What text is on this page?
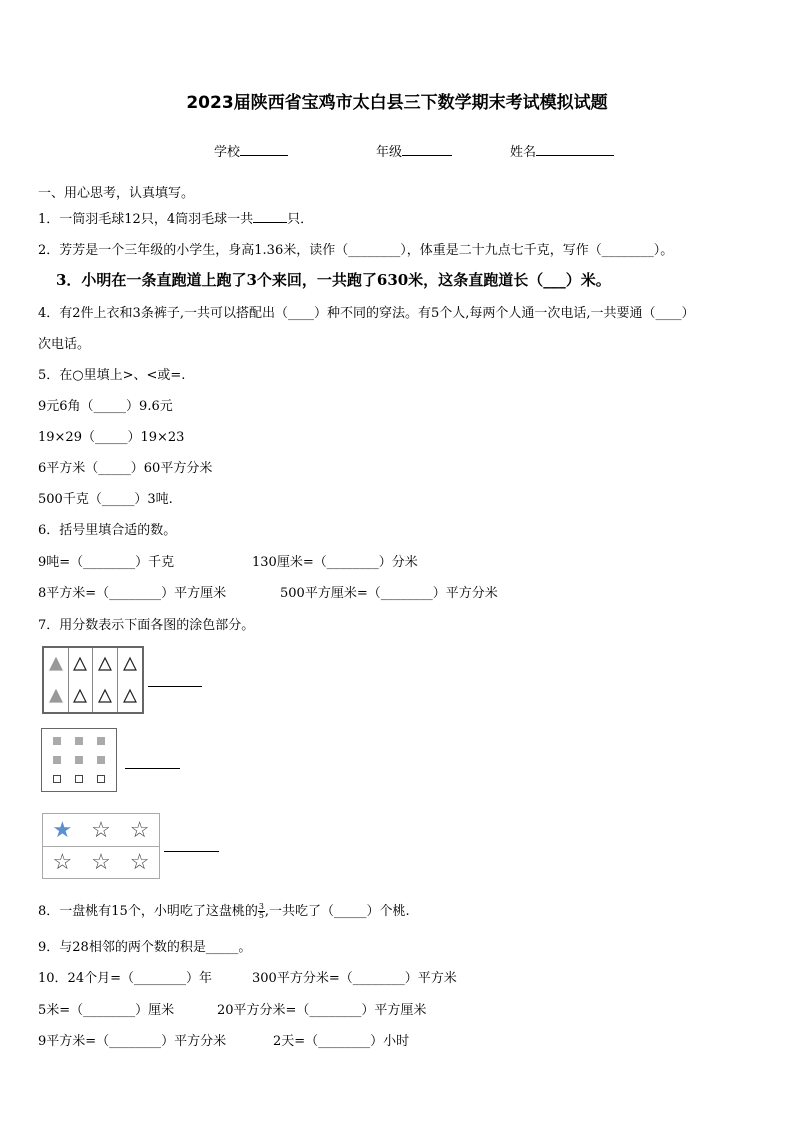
2023届陕西省宝鸡市太白县三下数学期末考试模拟试题
学校	年级	姓名
一、用心思考，认真填写。
1．一筒羽毛球12只，4筒羽毛球一共	只．
2．芳芳是一个三年级的小学生，身高1.36米，读作（________），体重是二十九点七千克，写作（________）。
3．小明在一条直跑道上跑了3个来回，一共跑了630米，这条直跑道长（___）米。
4．有2件上衣和3条裤子,一共可以搭配出（____）种不同的穿法。有5个人,每两个人通一次电话,一共要通（____）
次电话。
5．在○里填上>、<或=.
9元6角（_____）9.6元
19×29（_____）19×23
6平方米（_____）60平方分米
500千克（_____）3吨.
6．括号里填合适的数。
9吨=（________）千克	130厘米=（________）分米
8平方米=（________）平方厘米	500平方厘米=（________）平方分米
7．用分数表示下面各图的涂色部分。
★ ☆ ☆
☆ ☆ ☆
8．一盘桃有15个，小明吃了这盘桃的 $\frac{3}{5}$ ,一共吃了（_____）个桃.
9．与28相邻的两个数的积是_____。
10．24个月=（________）年	300平方分米=（________）平方米
5米=（________）厘米	20平方分米=（________）平方厘米
9平方米=（________）平方分米	2天=（________）小时
